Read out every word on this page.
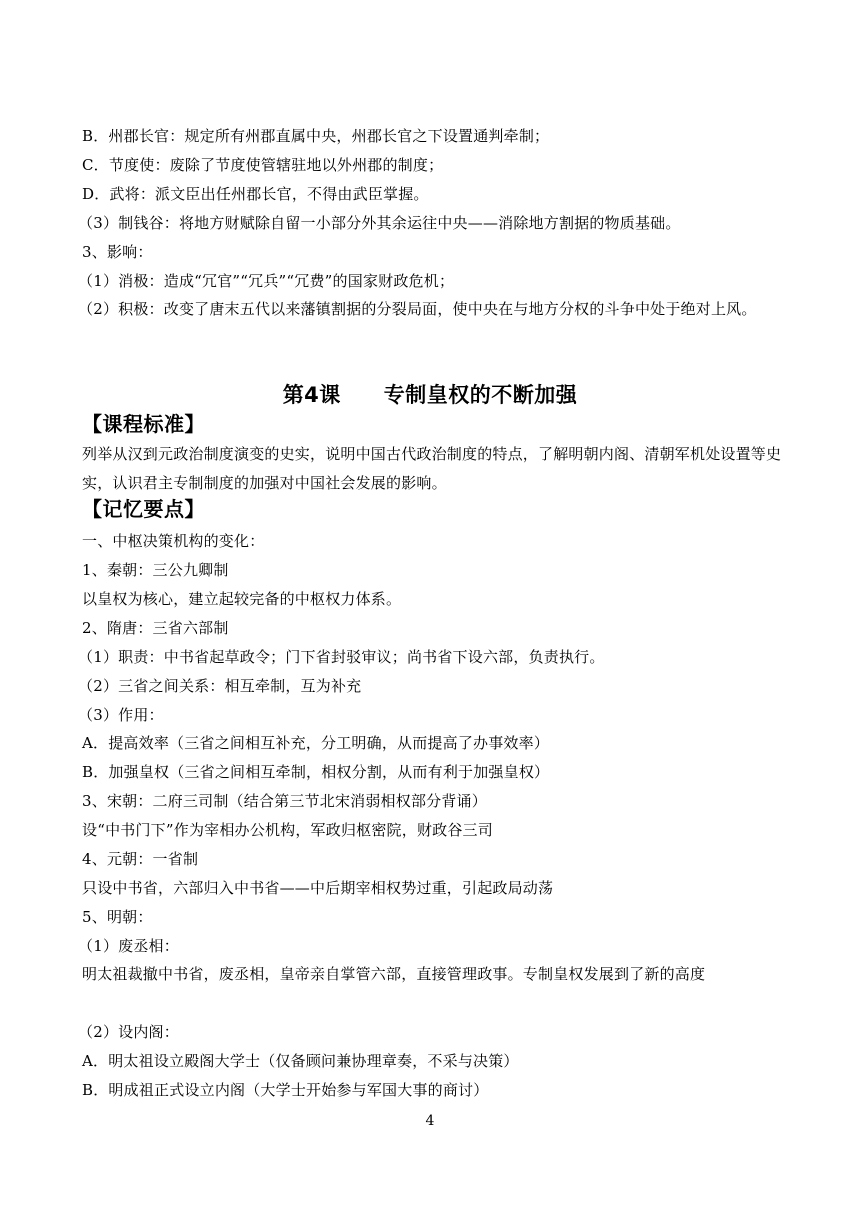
B．州郡长官：规定所有州郡直属中央，州郡长官之下设置通判牵制；
C．节度使：废除了节度使管辖驻地以外州郡的制度；
D．武将：派文臣出任州郡长官，不得由武臣掌握。
（3）制钱谷：将地方财赋除自留一小部分外其余运往中央——消除地方割据的物质基础。
3、影响：
（1）消极：造成“冗官”“冗兵”“冗费”的国家财政危机；
（2）积极：改变了唐末五代以来藩镇割据的分裂局面，使中央在与地方分权的斗争中处于绝对上风。
第4课　　专制皇权的不断加强
【课程标准】
列举从汉到元政治制度演变的史实，说明中国古代政治制度的特点，了解明朝内阁、清朝军机处设置等史实，认识君主专制制度的加强对中国社会发展的影响。
【记忆要点】
一、中枢决策机构的变化：
1、秦朝：三公九卿制
以皇权为核心，建立起较完备的中枢权力体系。
2、隋唐：三省六部制
（1）职责：中书省起草政令；门下省封驳审议；尚书省下设六部，负责执行。
（2）三省之间关系：相互牵制，互为补充
（3）作用：
A．提高效率（三省之间相互补充，分工明确，从而提高了办事效率）
B．加强皇权（三省之间相互牵制，相权分割，从而有利于加强皇权）
3、宋朝：二府三司制（结合第三节北宋消弱相权部分背诵）
设“中书门下”作为宰相办公机构，军政归枢密院，财政谷三司
4、元朝：一省制
只设中书省，六部归入中书省——中后期宰相权势过重，引起政局动荡
5、明朝：
（1）废丞相：
明太祖裁撤中书省，废丞相，皇帝亲自掌管六部，直接管理政事。专制皇权发展到了新的高度
（2）设内阁：
A．明太祖设立殿阁大学士（仅备顾问兼协理章奏，不采与决策）
B．明成祖正式设立内阁（大学士开始参与军国大事的商讨）
4
